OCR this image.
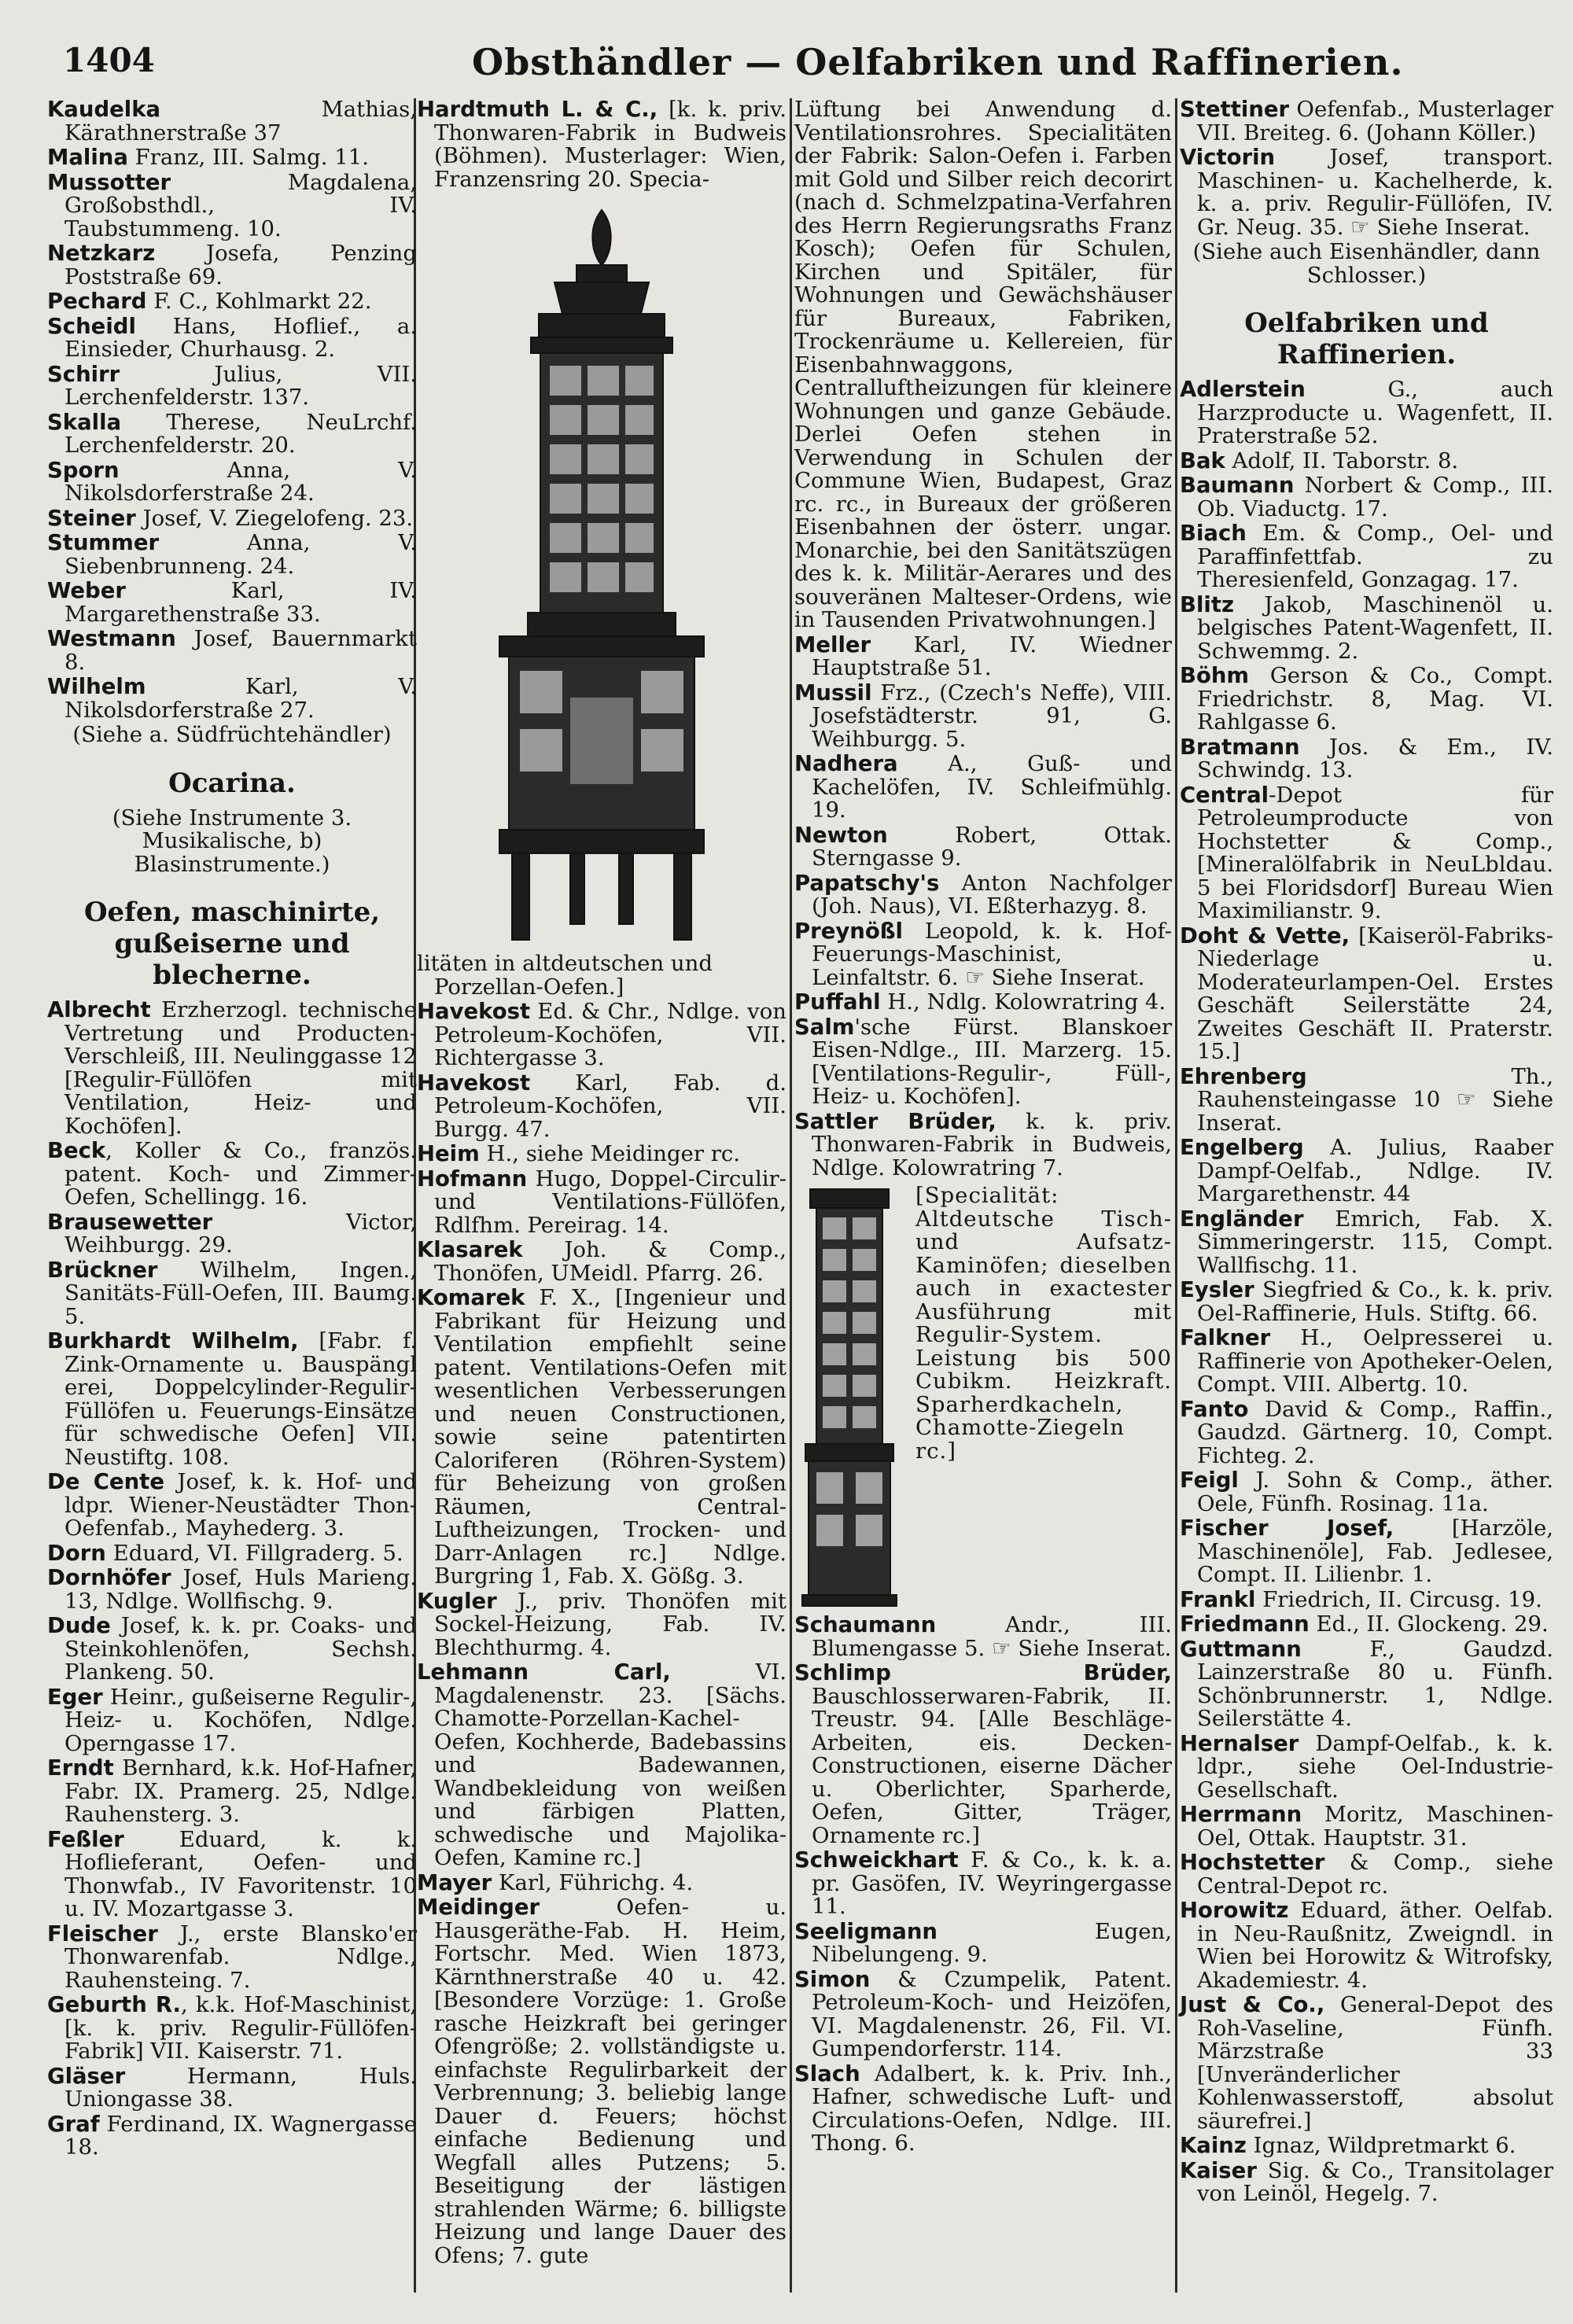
1404	Obsthändler — Oelfabriken und Raffinerien.
Kaudelka Mathias, Kärathnerstraße 37
Malina Franz, III. Salmg. 11.
Mussotter Magdalena, Großobsthdl., IV. Taubstummeng. 10.
Netzkarz Josefa, Penzing Poststraße 69.
Pechard F. C., Kohlmarkt 22.
Scheidl Hans, Hoflief., a. Einsieder, Churhausg. 2.
Schirr Julius, VII. Lerchenfelderstr. 137.
Skalla Therese, NeuLrchf. Lerchenfelderstr. 20.
Sporn Anna, V. Nikolsdorferstraße 24.
Steiner Josef, V. Ziegelofeng. 23.
Stummer Anna, V. Siebenbrunneng. 24.
Weber Karl, IV. Margarethenstraße 33.
Westmann Josef, Bauernmarkt 8.
Wilhelm Karl, V. Nikolsdorferstraße 27.
(Siehe a. Südfrüchtehändler)
Ocarina.
(Siehe Instrumente 3. Musikalische, b) Blasinstrumente.)
Oefen, maschinirte, gußeiserne und blecherne.
Albrecht Erzherzogl. technische Vertretung und Producten-Verschleiß, III. Neulinggasse 12 [Regulir-Füllöfen mit Ventilation, Heiz- und Kochöfen].
Beck, Koller & Co., französ. patent. Koch- und Zimmer-Oefen, Schellingg. 16.
Brausewetter Victor, Weihburgg. 29.
Brückner Wilhelm, Ingen., Sanitäts-Füll-Oefen, III. Baumg. 5.
Burkhardt Wilhelm, [Fabr. f. Zink-Ornamente u. Bauspängl erei, Doppelcylinder-Regulir-Füllöfen u. Feuerungs-Einsätze für schwedische Oefen] VII. Neustiftg. 108.
De Cente Josef, k. k. Hof- und ldpr. Wiener-Neustädter Thon-Oefenfab., Mayhederg. 3.
Dorn Eduard, VI. Fillgraderg. 5.
Dornhöfer Josef, Huls Marieng. 13, Ndlge. Wollfischg. 9.
Dude Josef, k. k. pr. Coaks- und Steinkohlenöfen, Sechsh. Plankeng. 50.
Eger Heinr., gußeiserne Regulir-, Heiz- u. Kochöfen, Ndlge. Operngasse 17.
Erndt Bernhard, k.k. Hof-Hafner, Fabr. IX. Pramerg. 25, Ndlge. Rauhensterg. 3.
Feßler Eduard, k. k. Hoflieferant, Oefen- und Thonwfab., IV Favoritenstr. 10 u. IV. Mozartgasse 3.
Fleischer J., erste Blansko'er Thonwarenfab. Ndlge., Rauhensteing. 7.
Geburth R., k.k. Hof-Maschinist, [k. k. priv. Regulir-Füllöfen-Fabrik] VII. Kaiserstr. 71.
Gläser Hermann, Huls. Uniongasse 38.
Graf Ferdinand, IX. Wagnergasse 18.
Hardtmuth L. & C., [k. k. priv. Thonwaren-Fabrik in Budweis (Böhmen). Musterlager: Wien, Franzensring 20. Specia-
litäten in altdeutschen und Porzellan-Oefen.]
Havekost Ed. & Chr., Ndlge. von Petroleum-Kochöfen, VII. Richtergasse 3.
Havekost Karl, Fab. d. Petroleum-Kochöfen, VII. Burgg. 47.
Heim H., siehe Meidinger rc.
Hofmann Hugo, Doppel-Circulir- und Ventilations-Füllöfen, Rdlfhm. Pereirag. 14.
Klasarek Joh. & Comp., Thonöfen, UMeidl. Pfarrg. 26.
Komarek F. X., [Ingenieur und Fabrikant für Heizung und Ventilation empfiehlt seine patent. Ventilations-Oefen mit wesentlichen Verbesserungen und neuen Constructionen, sowie seine patentirten Caloriferen (Röhren-System) für Beheizung von großen Räumen, Central-Luftheizungen, Trocken- und Darr-Anlagen rc.] Ndlge. Burgring 1, Fab. X. Gößg. 3.
Kugler J., priv. Thonöfen mit Sockel-Heizung, Fab. IV. Blechthurmg. 4.
Lehmann Carl, VI. Magdalenenstr. 23. [Sächs. Chamotte-Porzellan-Kachel-Oefen, Kochherde, Badebassins und Badewannen, Wandbekleidung von weißen und färbigen Platten, schwedische und Majolika-Oefen, Kamine rc.]
Mayer Karl, Führichg. 4.
Meidinger Oefen- u. Hausgeräthe-Fab. H. Heim, Fortschr. Med. Wien 1873, Kärnthnerstraße 40 u. 42. [Besondere Vorzüge: 1. Große rasche Heizkraft bei geringer Ofengröße; 2. vollständigste u. einfachste Regulirbarkeit der Verbrennung; 3. beliebig lange Dauer d. Feuers; höchst einfache Bedienung und Wegfall alles Putzens; 5. Beseitigung der lästigen strahlenden Wärme; 6. billigste Heizung und lange Dauer des Ofens; 7. gute
Lüftung bei Anwendung d. Ventilationsrohres. Specialitäten der Fabrik: Salon-Oefen i. Farben mit Gold und Silber reich decorirt (nach d. Schmelzpatina-Verfahren des Herrn Regierungsraths Franz Kosch); Oefen für Schulen, Kirchen und Spitäler, für Wohnungen und Gewächshäuser für Bureaux, Fabriken, Trockenräume u. Kellereien, für Eisenbahnwaggons, Centralluftheizungen für kleinere Wohnungen und ganze Gebäude. Derlei Oefen stehen in Verwendung in Schulen der Commune Wien, Budapest, Graz rc. rc., in Bureaux der größeren Eisenbahnen der österr. ungar. Monarchie, bei den Sanitätszügen des k. k. Militär-Aerares und des souveränen Malteser-Ordens, wie in Tausenden Privatwohnungen.]
Meller Karl, IV. Wiedner Hauptstraße 51.
Mussil Frz., (Czech's Neffe), VIII. Josefstädterstr. 91, G. Weihburgg. 5.
Nadhera A., Guß- und Kachelöfen, IV. Schleifmühlg. 19.
Newton Robert, Ottak. Sterngasse 9.
Papatschy's Anton Nachfolger (Joh. Naus), VI. Eßterhazyg. 8.
Preynößl Leopold, k. k. Hof-Feuerungs-Maschinist, Leinfaltstr. 6. ☞ Siehe Inserat.
Puffahl H., Ndlg. Kolowratring 4.
Salm'sche Fürst. Blanskoer Eisen-Ndlge., III. Marzerg. 15. [Ventilations-Regulir-, Füll-, Heiz- u. Kochöfen].
Sattler Brüder, k. k. priv. Thonwaren-Fabrik in Budweis, Ndlge. Kolowratring 7.
[Specialität: Altdeutsche Tisch- und Aufsatz-Kaminöfen; dieselben auch in exactester Ausführung mit Regulir-System. Leistung bis 500 Cubikm. Heizkraft. Sparherdkacheln, Chamotte-Ziegeln rc.]
Schaumann Andr., III. Blumengasse 5. ☞ Siehe Inserat.
Schlimp Brüder, Bauschlosserwaren-Fabrik, II. Treustr. 94. [Alle Beschläge-Arbeiten, eis. Decken-Constructionen, eiserne Dächer u. Oberlichter, Sparherde, Oefen, Gitter, Träger, Ornamente rc.]
Schweickhart F. & Co., k. k. a. pr. Gasöfen, IV. Weyringergasse 11.
Seeligmann Eugen, Nibelungeng. 9.
Simon & Czumpelik, Patent. Petroleum-Koch- und Heizöfen, VI. Magdalenenstr. 26, Fil. VI. Gumpendorferstr. 114.
Slach Adalbert, k. k. Priv. Inh., Hafner, schwedische Luft- und Circulations-Oefen, Ndlge. III. Thong. 6.
Stettiner Oefenfab., Musterlager VII. Breiteg. 6. (Johann Köller.)
Victorin Josef, transport. Maschinen- u. Kachelherde, k. k. a. priv. Regulir-Füllöfen, IV. Gr. Neug. 35. ☞ Siehe Inserat.
(Siehe auch Eisenhändler, dann Schlosser.)
Oelfabriken und Raffinerien.
Adlerstein G., auch Harzproducte u. Wagenfett, II. Praterstraße 52.
Bak Adolf, II. Taborstr. 8.
Baumann Norbert & Comp., III. Ob. Viaductg. 17.
Biach Em. & Comp., Oel- und Paraffinfettfab. zu Theresienfeld, Gonzagag. 17.
Blitz Jakob, Maschinenöl u. belgisches Patent-Wagenfett, II. Schwemmg. 2.
Böhm Gerson & Co., Compt. Friedrichstr. 8, Mag. VI. Rahlgasse 6.
Bratmann Jos. & Em., IV. Schwindg. 13.
Central-Depot für Petroleumproducte von Hochstetter & Comp., [Mineralölfabrik in NeuLbldau. 5 bei Floridsdorf] Bureau Wien Maximilianstr. 9.
Doht & Vette, [Kaiseröl-Fabriks-Niederlage u. Moderateurlampen-Oel. Erstes Geschäft Seilerstätte 24, Zweites Geschäft II. Praterstr. 15.]
Ehrenberg Th., Rauhensteingasse 10 ☞ Siehe Inserat.
Engelberg A. Julius, Raaber Dampf-Oelfab., Ndlge. IV. Margarethenstr. 44
Engländer Emrich, Fab. X. Simmeringerstr. 115, Compt. Wallfischg. 11.
Eysler Siegfried & Co., k. k. priv. Oel-Raffinerie, Huls. Stiftg. 66.
Falkner H., Oelpresserei u. Raffinerie von Apotheker-Oelen, Compt. VIII. Albertg. 10.
Fanto David & Comp., Raffin., Gaudzd. Gärtnerg. 10, Compt. Fichteg. 2.
Feigl J. Sohn & Comp., äther. Oele, Fünfh. Rosinag. 11a.
Fischer Josef, [Harzöle, Maschinenöle], Fab. Jedlesee, Compt. II. Lilienbr. 1.
Frankl Friedrich, II. Circusg. 19.
Friedmann Ed., II. Glockeng. 29.
Guttmann F., Gaudzd. Lainzerstraße 80 u. Fünfh. Schönbrunnerstr. 1, Ndlge. Seilerstätte 4.
Hernalser Dampf-Oelfab., k. k. ldpr., siehe Oel-Industrie-Gesellschaft.
Herrmann Moritz, Maschinen-Oel, Ottak. Hauptstr. 31.
Hochstetter & Comp., siehe Central-Depot rc.
Horowitz Eduard, äther. Oelfab. in Neu-Raußnitz, Zweigndl. in Wien bei Horowitz & Witrofsky, Akademiestr. 4.
Just & Co., General-Depot des Roh-Vaseline, Fünfh. Märzstraße 33 [Unveränderlicher Kohlenwasserstoff, absolut säurefrei.]
Kainz Ignaz, Wildpretmarkt 6.
Kaiser Sig. & Co., Transitolager von Leinöl, Hegelg. 7.
